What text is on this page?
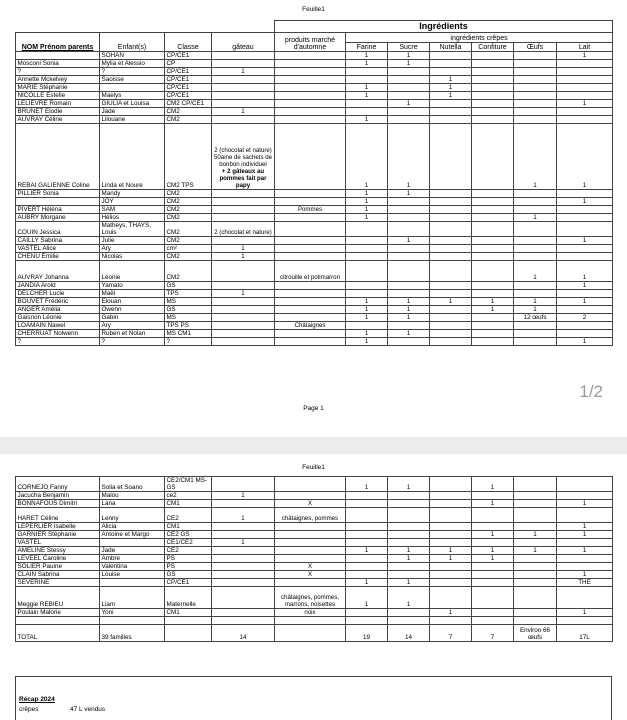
Feuille1
Page 1
1/2
Feuille1
				Ingrédients						
NOM Prénom parents	Enfant(s)	Classe	gâteau	produits marché d'automne	ingrédients crêpes					
					Farine	Sucre	Nutella	Confiture	Œufs	Lait
	SOHAN	CP/CE1			1	1				1
Mosconi Sonia	Mylia et Alessio	CP			1	1				
?	?	CP/CE1	1							
Annette Mckelvey	Saoisse	CP/CE1					1			
MARIE Stéphanie		CP/CE1			1		1			
NICOLLE Estelle	Maelys	CP/CE1			1		1			
LELIEVRE Romain	GIULIA et Louisa	CM2 CP/CE1				1				1
BRUNET Elodie	Jade	CM2	1							
AUVRAY Céline	Lilouane	CM2			1					
REBAI GALIENNE Coline	Linda et Noure	CM2 TPS	2 (chocolat et nature) 50aine de sachets de bonbon individuel
+ 2 gâteaux au pommes fait par papy		1	1			1	1
PILLIER Sonia	Mandy	CM2			1	1				
	JOY	CM2			1					1
PIVERT Héléna	SAM	CM2		Pommes	1					
AUBRY Morgane	Hélios	CM2			1				1	
COUIN Jessica	Matheys, THAYS, Louis	CM2	2 (chocolat et nature)							
CAILLY Sabrina	Julie	CM2				1				1
VASTEL Alice	Ary	cm²	1							
CHENU Émilie	Nicolas	CM2	1							
AUVRAY Johanna	Léonie	CM2		citrouille et potimarron					1	1
JANDIA Arold	Yamato	GS								1
DELCHER Lucie	Maël	TPS	1							
BOUVET Frédéric	Elouan	MS			1	1	1	1	1	1
ANGER Amélia	Owenn	GS			1	1		1	1	
Gaisnon Léonie	Gabin	MS			1	1			12 œufs	2
LOAMAIN Nawel	Ary	TPS PS		Châtaignes						
CHERRUAT Nolwenn	Ruben et Nolan	MS CM1			1	1				
?	?	?			1					1
CORNEJO Fanny	Solia et Soano	CE2/CM1 MS-GS			1	1		1		
Jacucha Benjamin	Malou	ce2	1							
BONNAFOUS Dimitri	Lana	CM1		X				1		1
HARET Céline	Lenny	CE2	1	châtaignes, pommes						
LEPERLIER Isabelle	Alicia	CM1								1
GARNIER Stéphanie	Antoine et Margo	CE2 GS						1	1	1
VASTEL		CE1/CE2	1							
AMELINE Stessy	Jade	CE2			1	1	1	1	1	1
LEVEEL Caroline	Ambre	PS				1	1	1		
SOLIER Pauine	Valentina	PS		X						
CLAIN Sabrina	Louise	GS		X						1
SEVERINE		CP/CE1			1	1				THE
Meggie REBIEU	Liam	Maternelle		châtaignes, pommes, marrons, noisettes	1	1				
Poulain Malorie	Yoni	CM1		noix			1			1

TOTAL	39 familles		14		19	14	7	7	Environ 66 œufs	17L
Récap 2024
crêpes	47 L vendus
